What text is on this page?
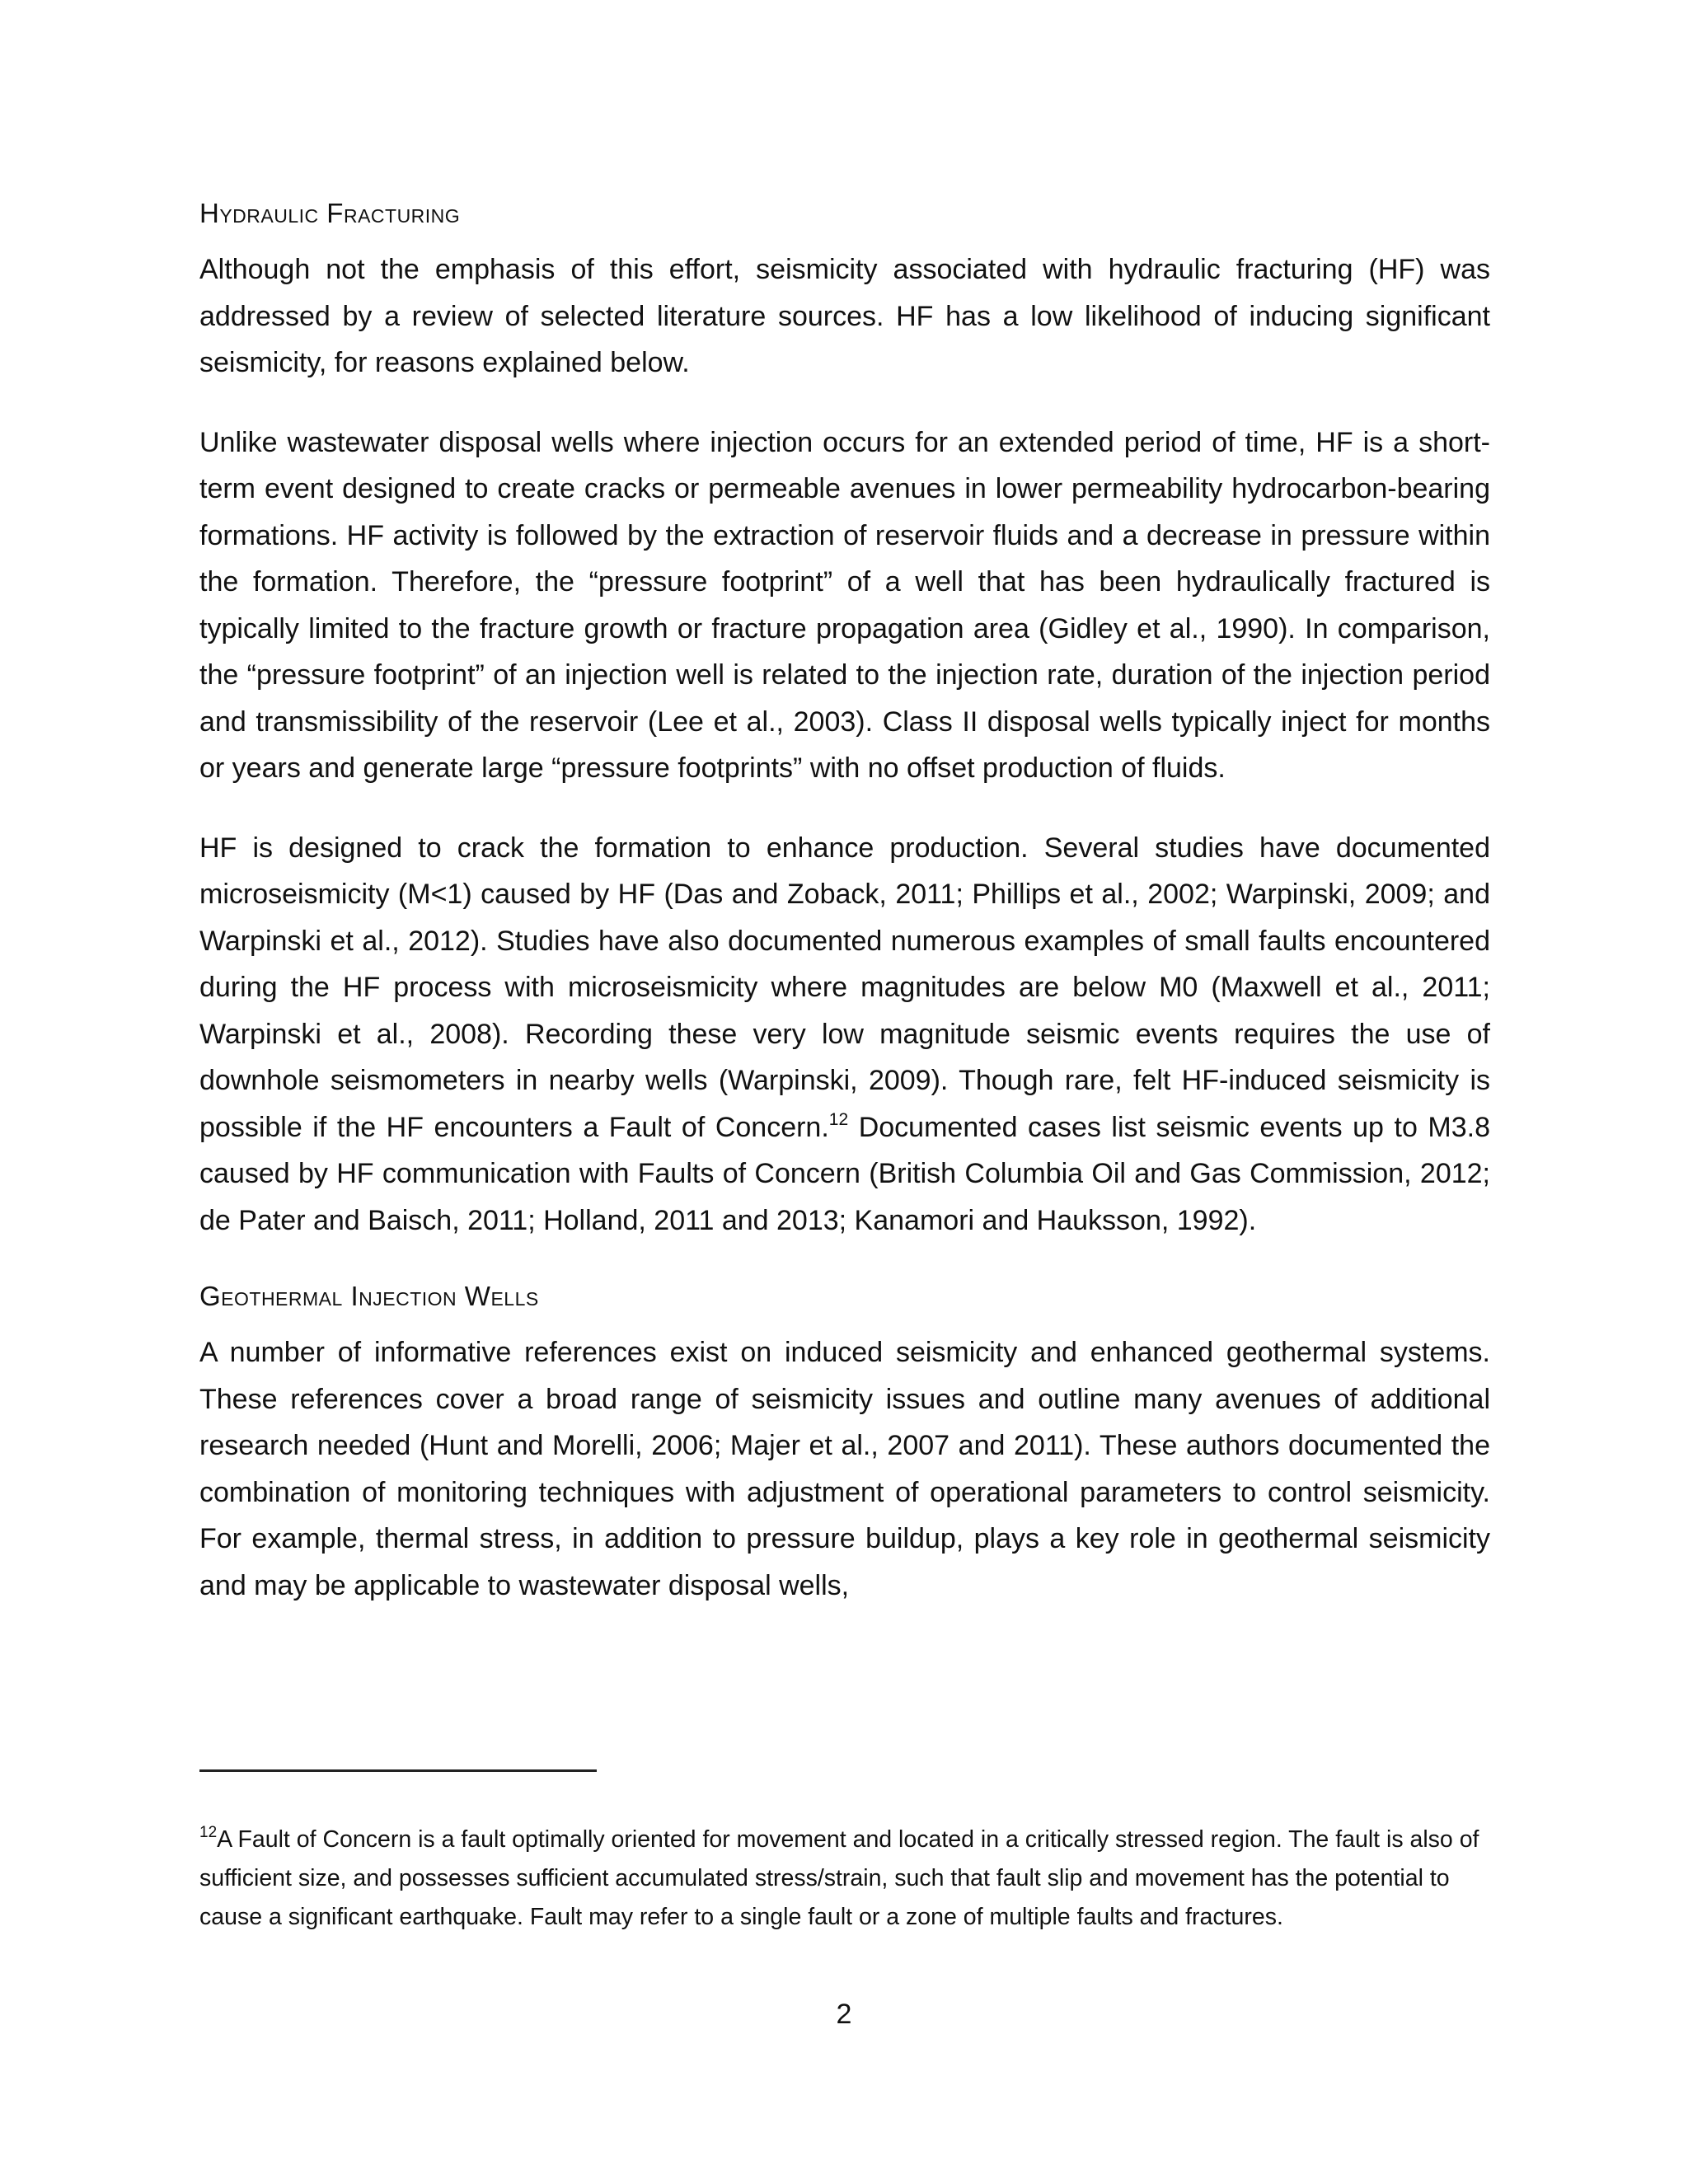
Hydraulic Fracturing

Although not the emphasis of this effort, seismicity associated with hydraulic fracturing (HF) was addressed by a review of selected literature sources. HF has a low likelihood of inducing significant seismicity, for reasons explained below.

Unlike wastewater disposal wells where injection occurs for an extended period of time, HF is a short-term event designed to create cracks or permeable avenues in lower permeability hydrocarbon-bearing formations. HF activity is followed by the extraction of reservoir fluids and a decrease in pressure within the formation. Therefore, the “pressure footprint” of a well that has been hydraulically fractured is typically limited to the fracture growth or fracture propagation area (Gidley et al., 1990). In comparison, the “pressure footprint” of an injection well is related to the injection rate, duration of the injection period and transmissibility of the reservoir (Lee et al., 2003). Class II disposal wells typically inject for months or years and generate large “pressure footprints” with no offset production of fluids.

HF is designed to crack the formation to enhance production. Several studies have documented microseismicity (M<1) caused by HF (Das and Zoback, 2011; Phillips et al., 2002; Warpinski, 2009; and Warpinski et al., 2012). Studies have also documented numerous examples of small faults encountered during the HF process with microseismicity where magnitudes are below M0 (Maxwell et al., 2011; Warpinski et al., 2008). Recording these very low magnitude seismic events requires the use of downhole seismometers in nearby wells (Warpinski, 2009). Though rare, felt HF-induced seismicity is possible if the HF encounters a Fault of Concern.$^{12}$ Documented cases list seismic events up to M3.8 caused by HF communication with Faults of Concern (British Columbia Oil and Gas Commission, 2012; de Pater and Baisch, 2011; Holland, 2011 and 2013; Kanamori and Hauksson, 1992).

Geothermal Injection Wells

A number of informative references exist on induced seismicity and enhanced geothermal systems. These references cover a broad range of seismicity issues and outline many avenues of additional research needed (Hunt and Morelli, 2006; Majer et al., 2007 and 2011). These authors documented the combination of monitoring techniques with adjustment of operational parameters to control seismicity. For example, thermal stress, in addition to pressure buildup, plays a key role in geothermal seismicity and may be applicable to wastewater disposal wells,

$^{12}$A Fault of Concern is a fault optimally oriented for movement and located in a critically stressed region. The fault is also of sufficient size, and possesses sufficient accumulated stress/strain, such that fault slip and movement has the potential to cause a significant earthquake. Fault may refer to a single fault or a zone of multiple faults and fractures.
2
